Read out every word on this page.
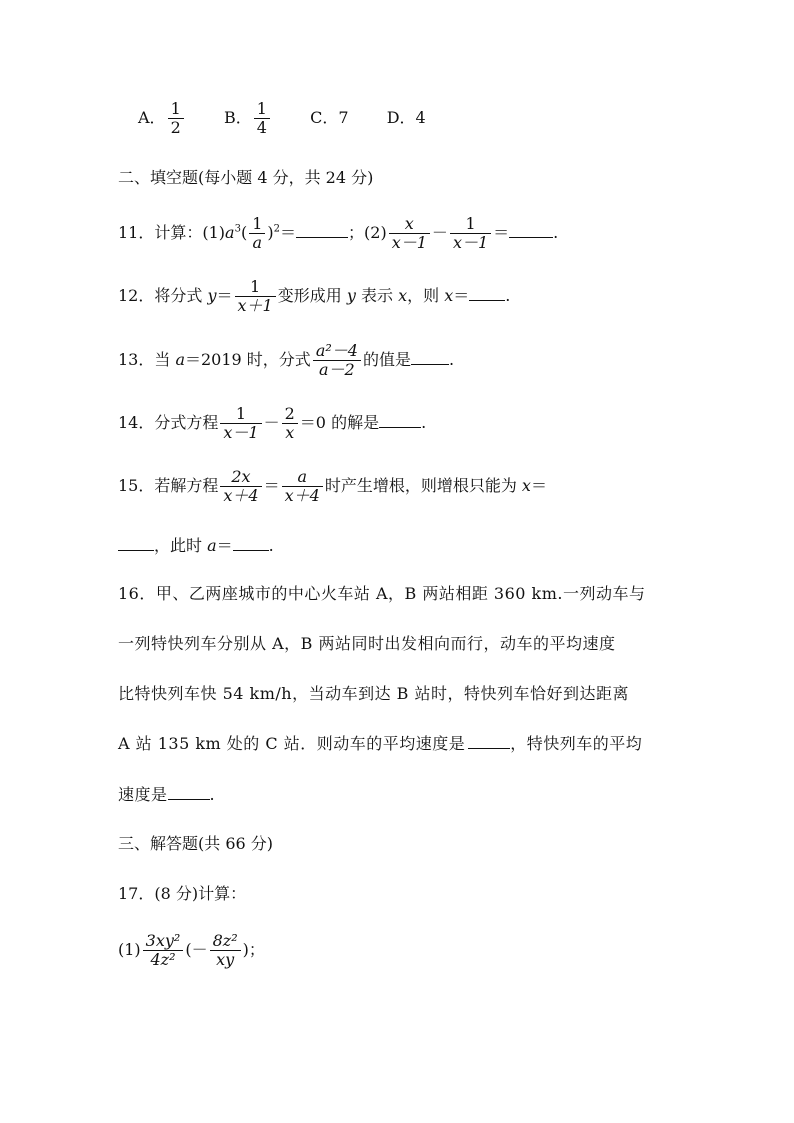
A． $\frac{1}{2}$	B． $\frac{1}{4}$	C．7 D．4
二、填空题(每小题 4 分，共 24 分)
11．计算：$(1)a^3( \frac{1}{a} )^2=$	；$(2) \frac{x}{x-1} - \frac{1}{x-1}$ ＝	.
12．将分式 $y= \frac{1}{x+1}$ 变形成用 y 表示 x，则 x＝ .
13．当 a＝2019 时，分式 $\frac{\text{a²－4}}{a-2}$ 的值是 .
14．分式方程 $\frac{1}{x-1} - \frac{2}{x} =0$ 的解是	.
15．若解方程 $\frac{2x}{x+4} = \frac{a}{x+4}$ 时产生增根，则增根只能为 x＝
，此时 a＝ .
16．甲、乙两座城市的中心火车站 A，B 两站相距 360 km.一列动车与
一列特快列车分别从 A，B 两站同时出发相向而行，动车的平均速度
比特快列车快 54 km/h，当动车到达 B 站时，特快列车恰好到达距离
A 站 135 km 处的 C 站．则动车的平均速度是	，特快列车的平均
速度是	.
三、解答题(共 66 分)
17．(8 分)计算：
$(1) \frac{\text{3xy²}}{\text{4z²}}$ (－ $\frac{\text{8z²}}{xy}$ )；
